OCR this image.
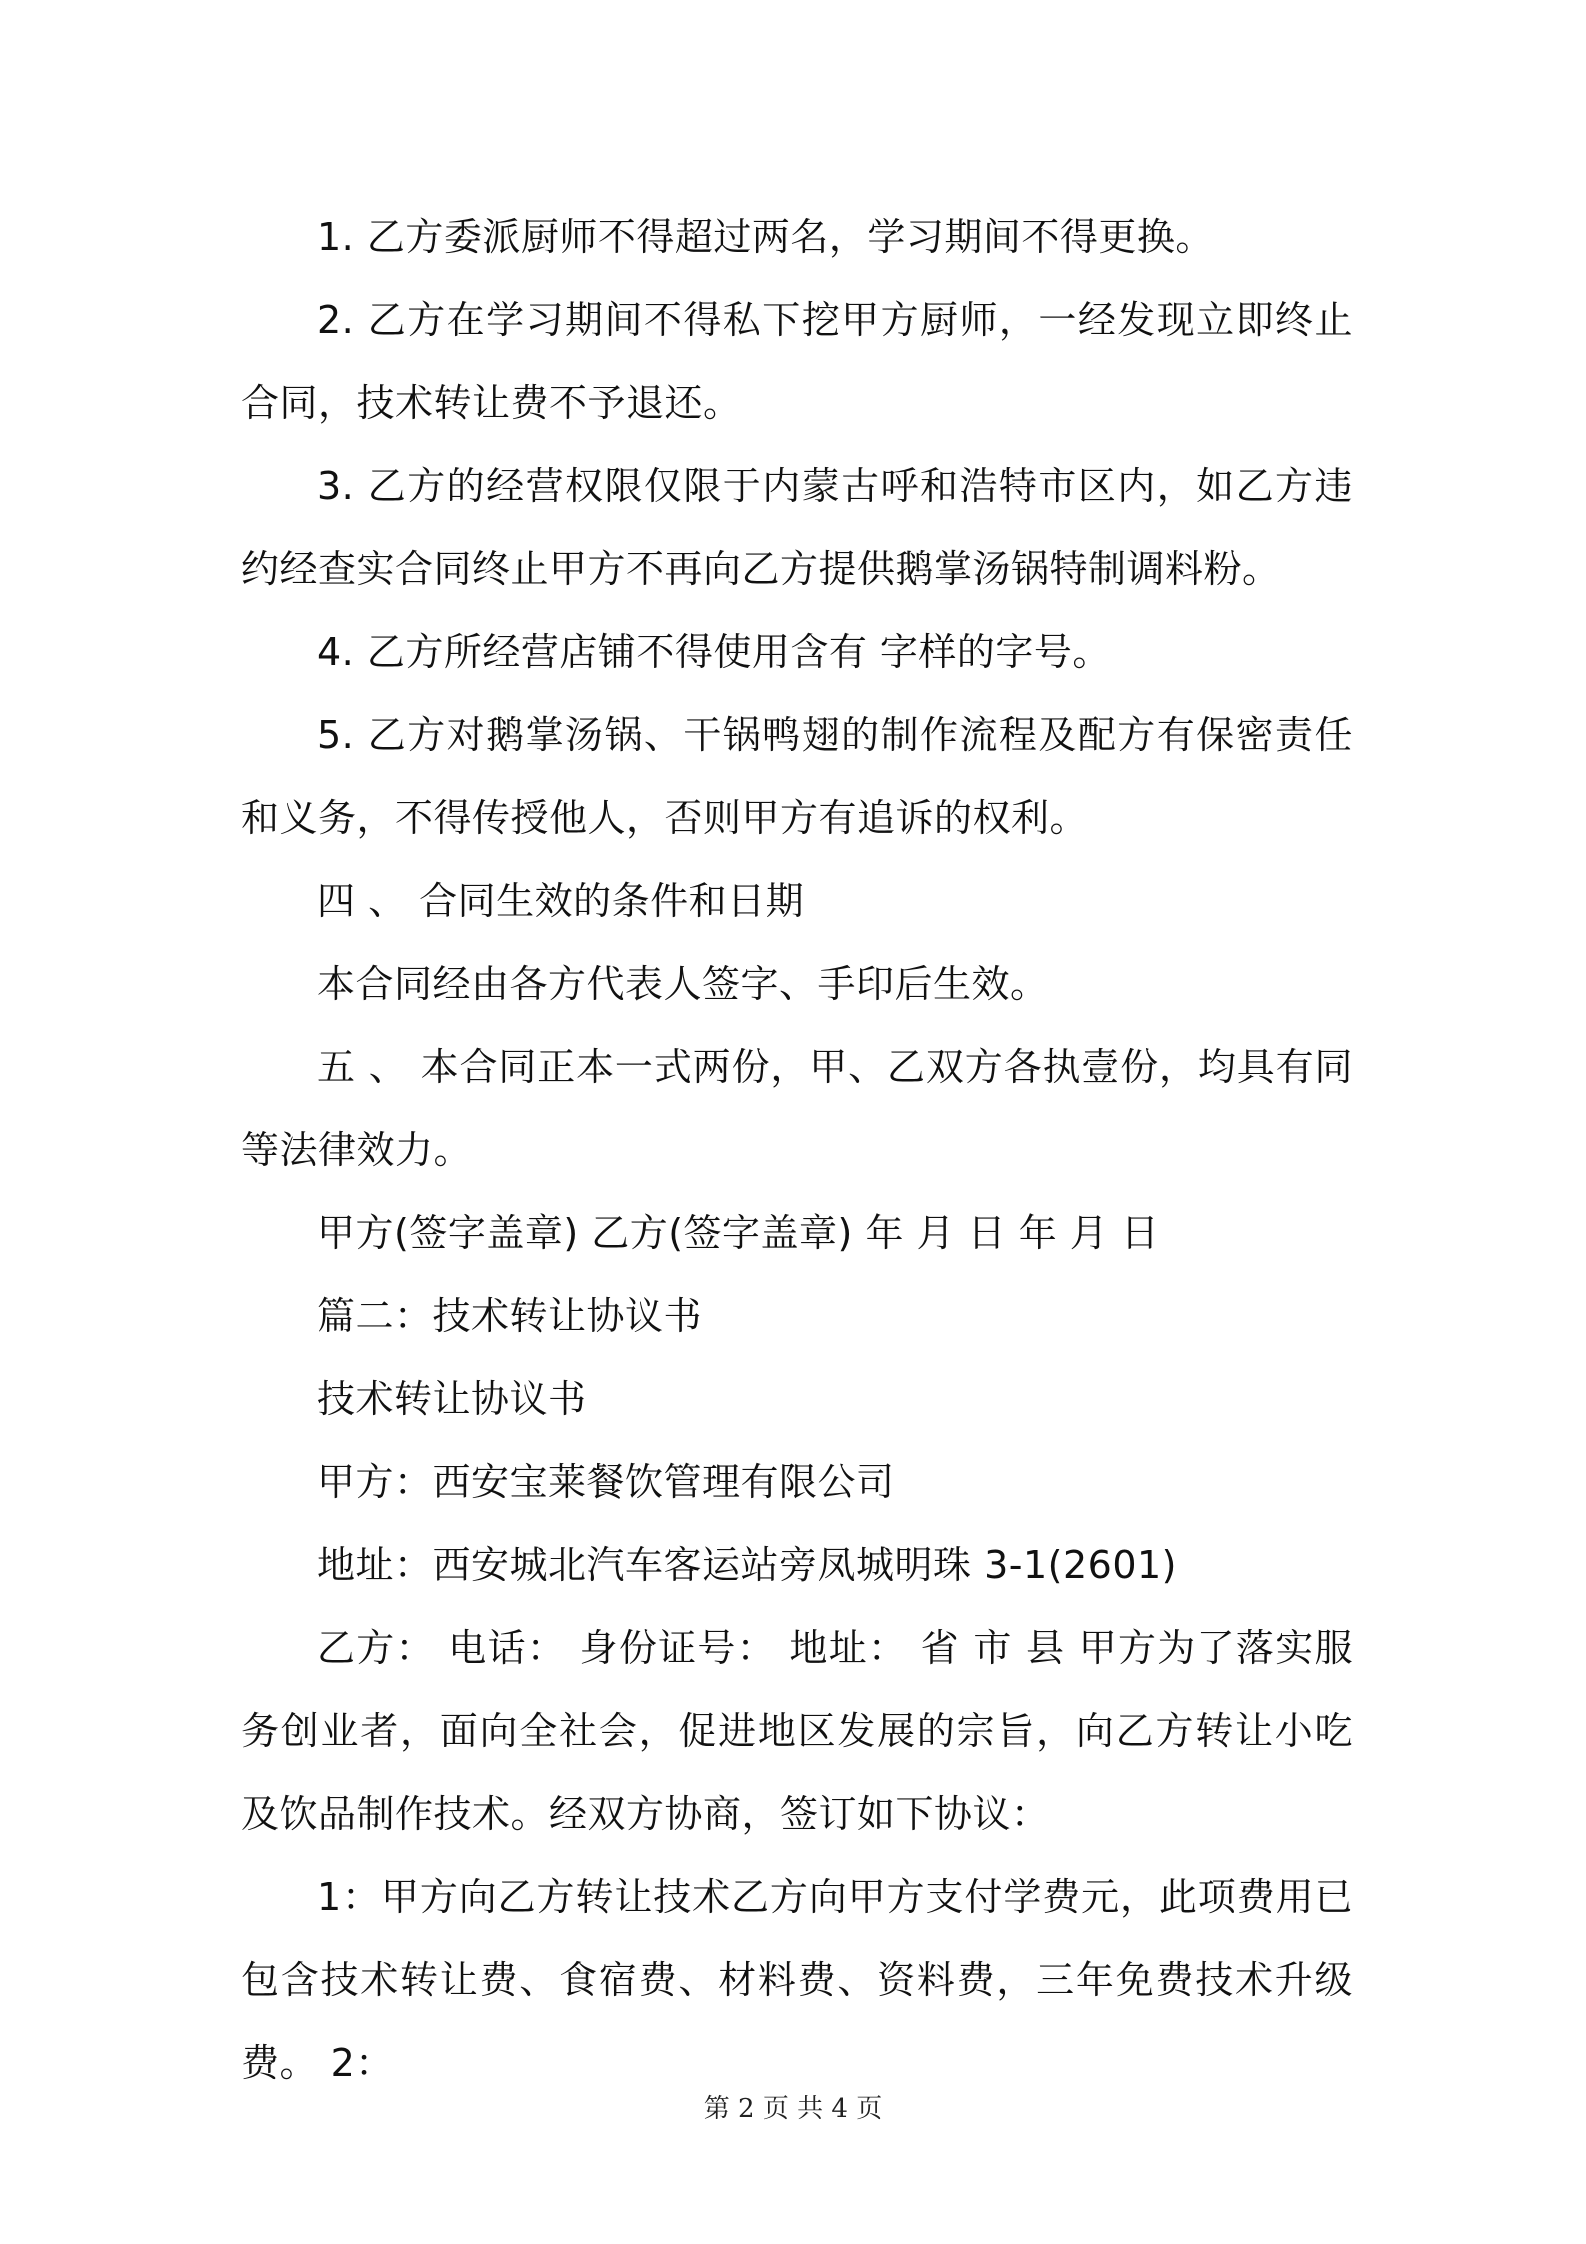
1. 乙方委派厨师不得超过两名，学习期间不得更换。

2. 乙方在学习期间不得私下挖甲方厨师，一经发现立即终止合同，技术转让费不予退还。

3. 乙方的经营权限仅限于内蒙古呼和浩特市区内，如乙方违约经查实合同终止甲方不再向乙方提供鹅掌汤锅特制调料粉。

4. 乙方所经营店铺不得使用含有 字样的字号。

5. 乙方对鹅掌汤锅、干锅鸭翅的制作流程及配方有保密责任和义务，不得传授他人，否则甲方有追诉的权利。

四 、 合同生效的条件和日期

本合同经由各方代表人签字、手印后生效。

五 、 本合同正本一式两份，甲、乙双方各执壹份，均具有同等法律效力。

甲方(签字盖章) 乙方(签字盖章) 年 月 日 年 月 日

篇二：技术转让协议书

技术转让协议书

甲方：西安宝莱餐饮管理有限公司

地址：西安城北汽车客运站旁凤城明珠 3-1(2601)

乙方： 电话： 身份证号： 地址： 省 市 县 甲方为了落实服务创业者，面向全社会，促进地区发展的宗旨，向乙方转让小吃及饮品制作技术。经双方协商，签订如下协议：

1：甲方向乙方转让技术乙方向甲方支付学费元，此项费用已包含技术转让费、食宿费、材料费、资料费，三年免费技术升级费。 2：

第 2 页 共 4 页
